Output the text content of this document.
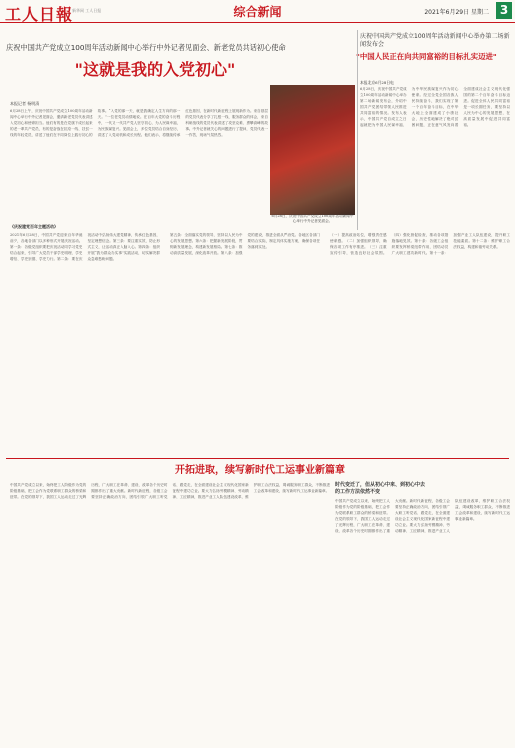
工人日報
新华网 工人日报	综合新闻	2021年6月29日 星期二 3
庆祝中国共产党成立100周年活动新闻中心举行中外记者见面会、新老党员共话初心使命
"这就是我的入党初心"
本报记者 杨明清
6月28日上午，庆祝中国共产党成立100周年活动新闻中心举行中外记者见面会，邀请新老党员代表讲述入党初心和使命担当。他们有的是在党旗下成长起来的老一辈共产党员，有的是奋战在抗疫一线、扶贫一线的年轻党员，讲述了他们在不同岗位上践行初心的故事。“入党的那一天，就是我确定人生方向的那一天。”一位老党员动情地说。在百年大党的奋斗历程中，一代又一代共产党人坚守初心，为人民谋幸福，为民族谋复兴。见面会上，多位党员结合自身经历，讲述了入党动机和成长历程。他们表示，将继续传承红色基因，在新时代新征程上展现新作为。来自基层的党员代表分享了扎根一线、服务群众的体会，来自科研战线的党员代表讲述了攻坚克难、勇攀高峰的故事。中外记者就关心的问题进行了提问，党员代表一一作答，现场气氛热烈。
6月28日，庆祝中国共产党成立100周年活动新闻中心举行中外记者见面会。
庆祝中国共产党成立100周年活动新闻中心举办第二场新闻发布会
"中国人民正在向共同富裕的目标扎实迈进"
本报北京6月28日电
6月28日，庆祝中国共产党成立100周年活动新闻中心举办第二场新闻发布会，介绍中国共产党团结带领人民推进共同富裕的情况。发布人表示，中国共产党自成立之日起就把为中国人民谋幸福、为中华民族谋复兴作为初心使命。经过全党全国各族人民持续奋斗，我们实现了第一个百年奋斗目标，在中华大地上全面建成了小康社会，历史性地解决了绝对贫困问题，正在意气风发向着全面建成社会主义现代化强国的第二个百年奋斗目标迈进。促进全体人民共同富裕是一项长期任务，要坚持以人民为中心的发展思想，在高质量发展中促进共同富裕。
《庆祝建党百年主题活动》
2021年6月28日，中国共产党迎来百年华诞前夕，各地各部门以多种形式开展庆祝活动。第一条：各级党组织要把庆祝活动同学习党史结合起来，引导广大党员干部学史明理、学史增信、学史崇德、学史力行。第二条：要在庆祝活动中弘扬伟大建党精神，传承红色基因，坚定理想信念。第三条：要注重实效，防止形式主义，让活动真正入脑入心。第四条：组织开展“我为群众办实事”实践活动，切实解决群众急难愁盼问题。
第五条：全面落实党的领导，坚持以人民为中心的发展思想。第六条：把握新发展阶段，贯彻新发展理念，构建新发展格局。第七条：推动高质量发展，深化改革开放。第八条：加强党的建设，推进全面从严治党。各地区各部门要结合实际，制定具体实施方案，确保各项任务落到实处。
（一）提高政治站位，增强责任感使命感。（二）加强组织领导，确保各项工作有序推进。（三）注重宣传引导，营造良好社会氛围。（四）强化督促检查，推动各项措施落地见效。第十条：各级工会组织要发挥桥梁纽带作用，团结动员广大职工建功新时代。第十一条：加强产业工人队伍建设，提升职工技能素质。第十二条：维护职工合法权益，构建和谐劳动关系。
开拓进取，续写新时代工运事业新篇章
中国共产党成立以来，始终把工人阶级作为党的阶级基础，把工会作为党联系职工群众的桥梁和纽带。在党的领导下，我国工人运动走过了光辉历程，广大职工在革命、建设、改革各个历史时期都作出了重大贡献。新时代新征程，各级工会要坚持正确政治方向，团结引领广大职工听党话、跟党走，在全面建设社会主义现代化国家新征程中建功立业。要大力弘扬劳模精神、劳动精神、工匠精神，推进产业工人队伍建设改革，维护职工合法权益，竭诚服务职工群众，不断推进工会改革和建设，续写新时代工运事业新篇章。
时代变迁了，但从初心中来、到初心中去的工作方法依然不变
中国共产党成立以来，始终把工人阶级作为党的阶级基础，把工会作为党联系职工群众的桥梁和纽带。在党的领导下，我国工人运动走过了光辉历程，广大职工在革命、建设、改革各个历史时期都作出了重大贡献。新时代新征程，各级工会要坚持正确政治方向，团结引领广大职工听党话、跟党走，在全面建设社会主义现代化国家新征程中建功立业。要大力弘扬劳模精神、劳动精神、工匠精神，推进产业工人队伍建设改革，维护职工合法权益，竭诚服务职工群众，不断推进工会改革和建设，续写新时代工运事业新篇章。
